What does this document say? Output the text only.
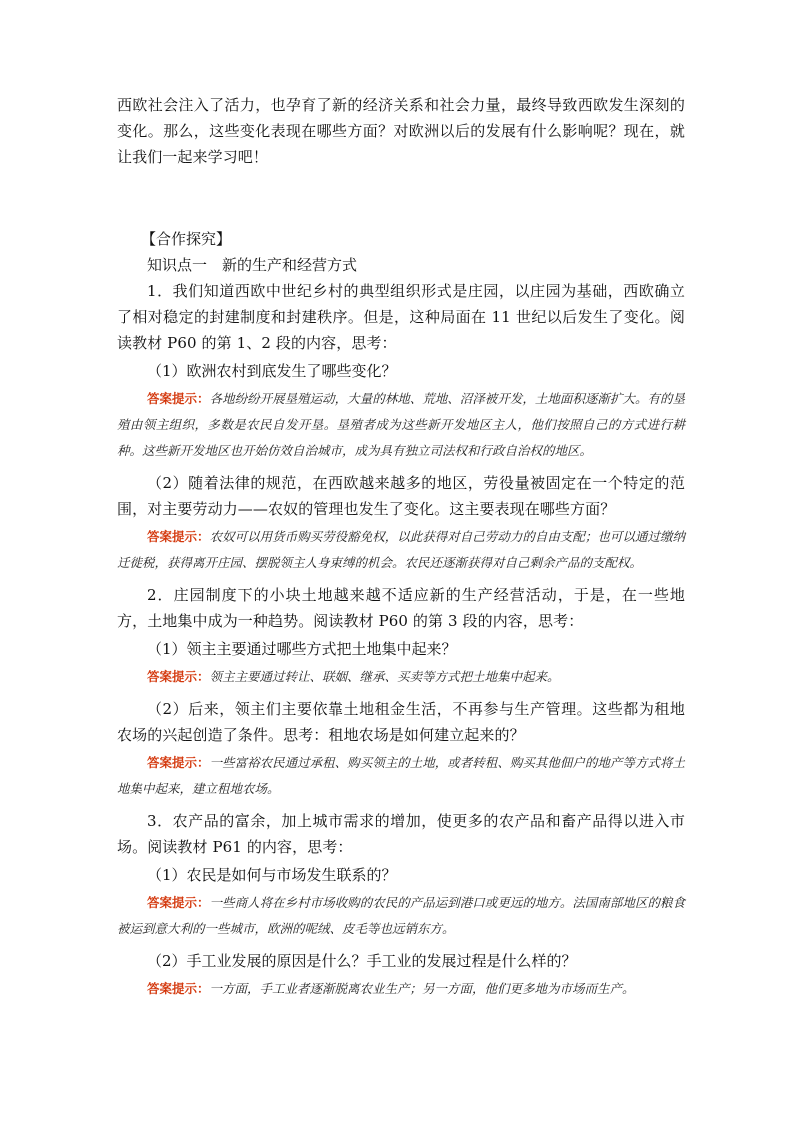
西欧社会注入了活力，也孕育了新的经济关系和社会力量，最终导致西欧发生深刻的变化。那么，这些变化表现在哪些方面？对欧洲以后的发展有什么影响呢？现在，就让我们一起来学习吧！

【合作探究】

知识点一　新的生产和经营方式

1．我们知道西欧中世纪乡村的典型组织形式是庄园，以庄园为基础，西欧确立了相对稳定的封建制度和封建秩序。但是，这种局面在 11 世纪以后发生了变化。阅读教材 P60 的第 1、2 段的内容，思考：

（1）欧洲农村到底发生了哪些变化？

答案提示：各地纷纷开展垦殖运动，大量的林地、荒地、沼泽被开发，土地面积逐渐扩大。有的垦殖由领主组织，多数是农民自发开垦。垦殖者成为这些新开发地区主人，他们按照自己的方式进行耕种。这些新开发地区也开始仿效自治城市，成为具有独立司法权和行政自治权的地区。

（2）随着法律的规范，在西欧越来越多的地区，劳役量被固定在一个特定的范围，对主要劳动力——农奴的管理也发生了变化。这主要表现在哪些方面？

答案提示：农奴可以用货币购买劳役豁免权，以此获得对自己劳动力的自由支配；也可以通过缴纳迁徙税，获得离开庄园、摆脱领主人身束缚的机会。农民还逐渐获得对自己剩余产品的支配权。

2．庄园制度下的小块土地越来越不适应新的生产经营活动，于是，在一些地方，土地集中成为一种趋势。阅读教材 P60 的第 3 段的内容，思考：

（1）领主主要通过哪些方式把土地集中起来？

答案提示：领主主要通过转让、联姻、继承、买卖等方式把土地集中起来。

（2）后来，领主们主要依靠土地租金生活，不再参与生产管理。这些都为租地农场的兴起创造了条件。思考：租地农场是如何建立起来的？

答案提示：一些富裕农民通过承租、购买领主的土地，或者转租、购买其他佃户的地产等方式将土地集中起来，建立租地农场。

3．农产品的富余，加上城市需求的增加，使更多的农产品和畜产品得以进入市场。阅读教材 P61 的内容，思考：

（1）农民是如何与市场发生联系的？

答案提示：一些商人将在乡村市场收购的农民的产品运到港口或更远的地方。法国南部地区的粮食被运到意大利的一些城市，欧洲的呢绒、皮毛等也远销东方。

（2）手工业发展的原因是什么？手工业的发展过程是什么样的？

答案提示：一方面，手工业者逐渐脱离农业生产；另一方面，他们更多地为市场而生产。
